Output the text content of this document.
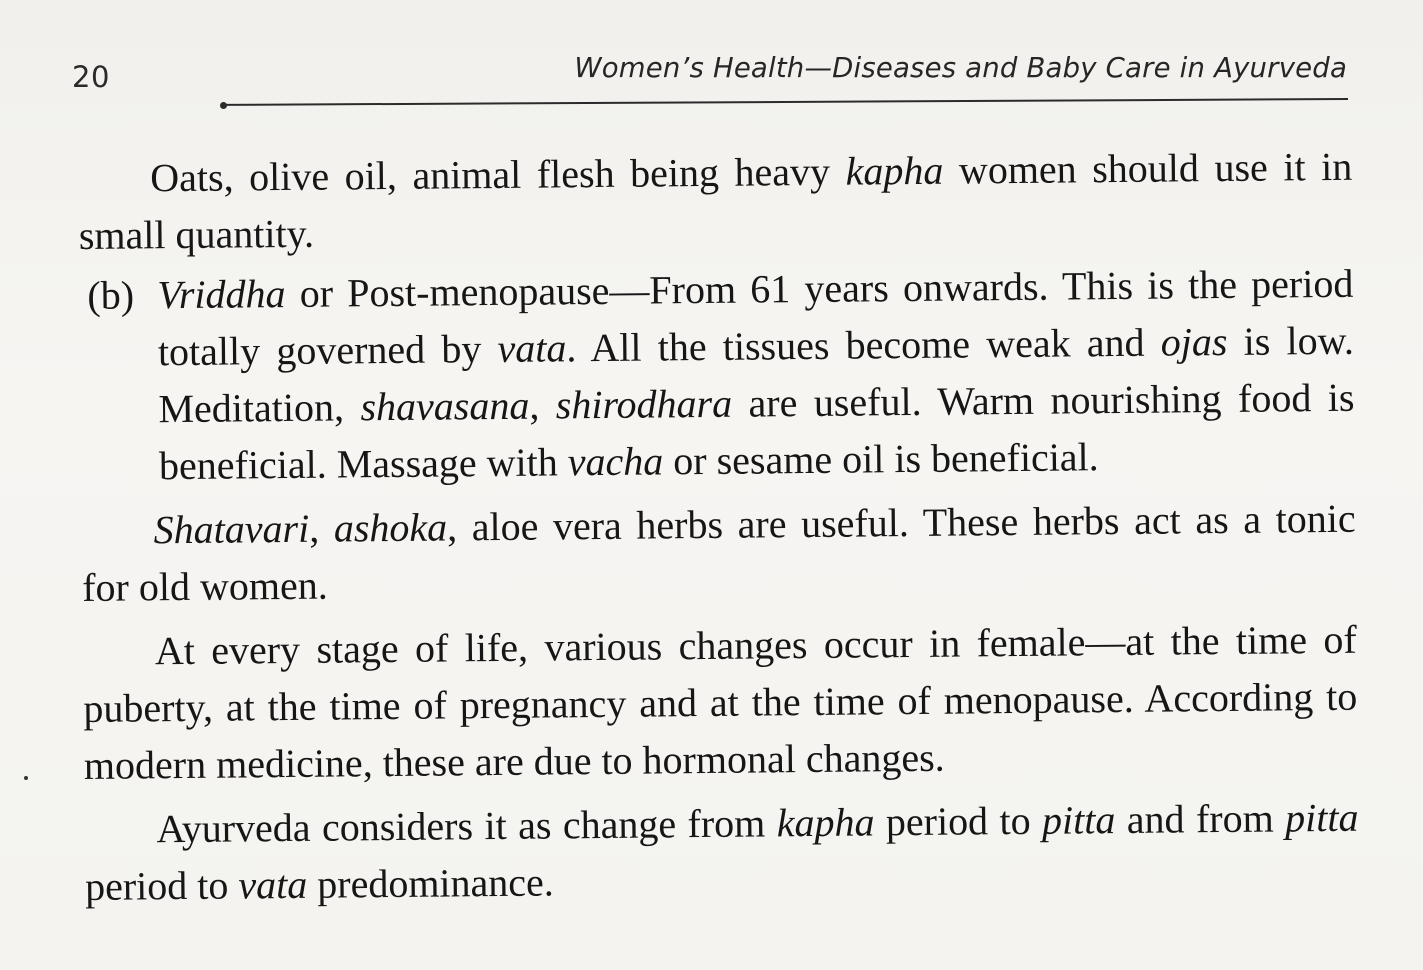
20	Women’s Health—Diseases and Baby Care in Ayurveda

Oats, olive oil, animal flesh being heavy kapha women should use it in small quantity.

(b) Vriddha or Post-menopause—From 61 years onwards. This is the period totally governed by vata. All the tissues become weak and ojas is low. Meditation, shavasana, shirodhara are useful. Warm nourishing food is beneficial. Massage with vacha or sesame oil is beneficial.

Shatavari, ashoka, aloe vera herbs are useful. These herbs act as a tonic for old women.

At every stage of life, various changes occur in female—at the time of puberty, at the time of pregnancy and at the time of menopause. According to modern medicine, these are due to hormonal changes.

Ayurveda considers it as change from kapha period to pitta and from pitta period to vata predominance.
